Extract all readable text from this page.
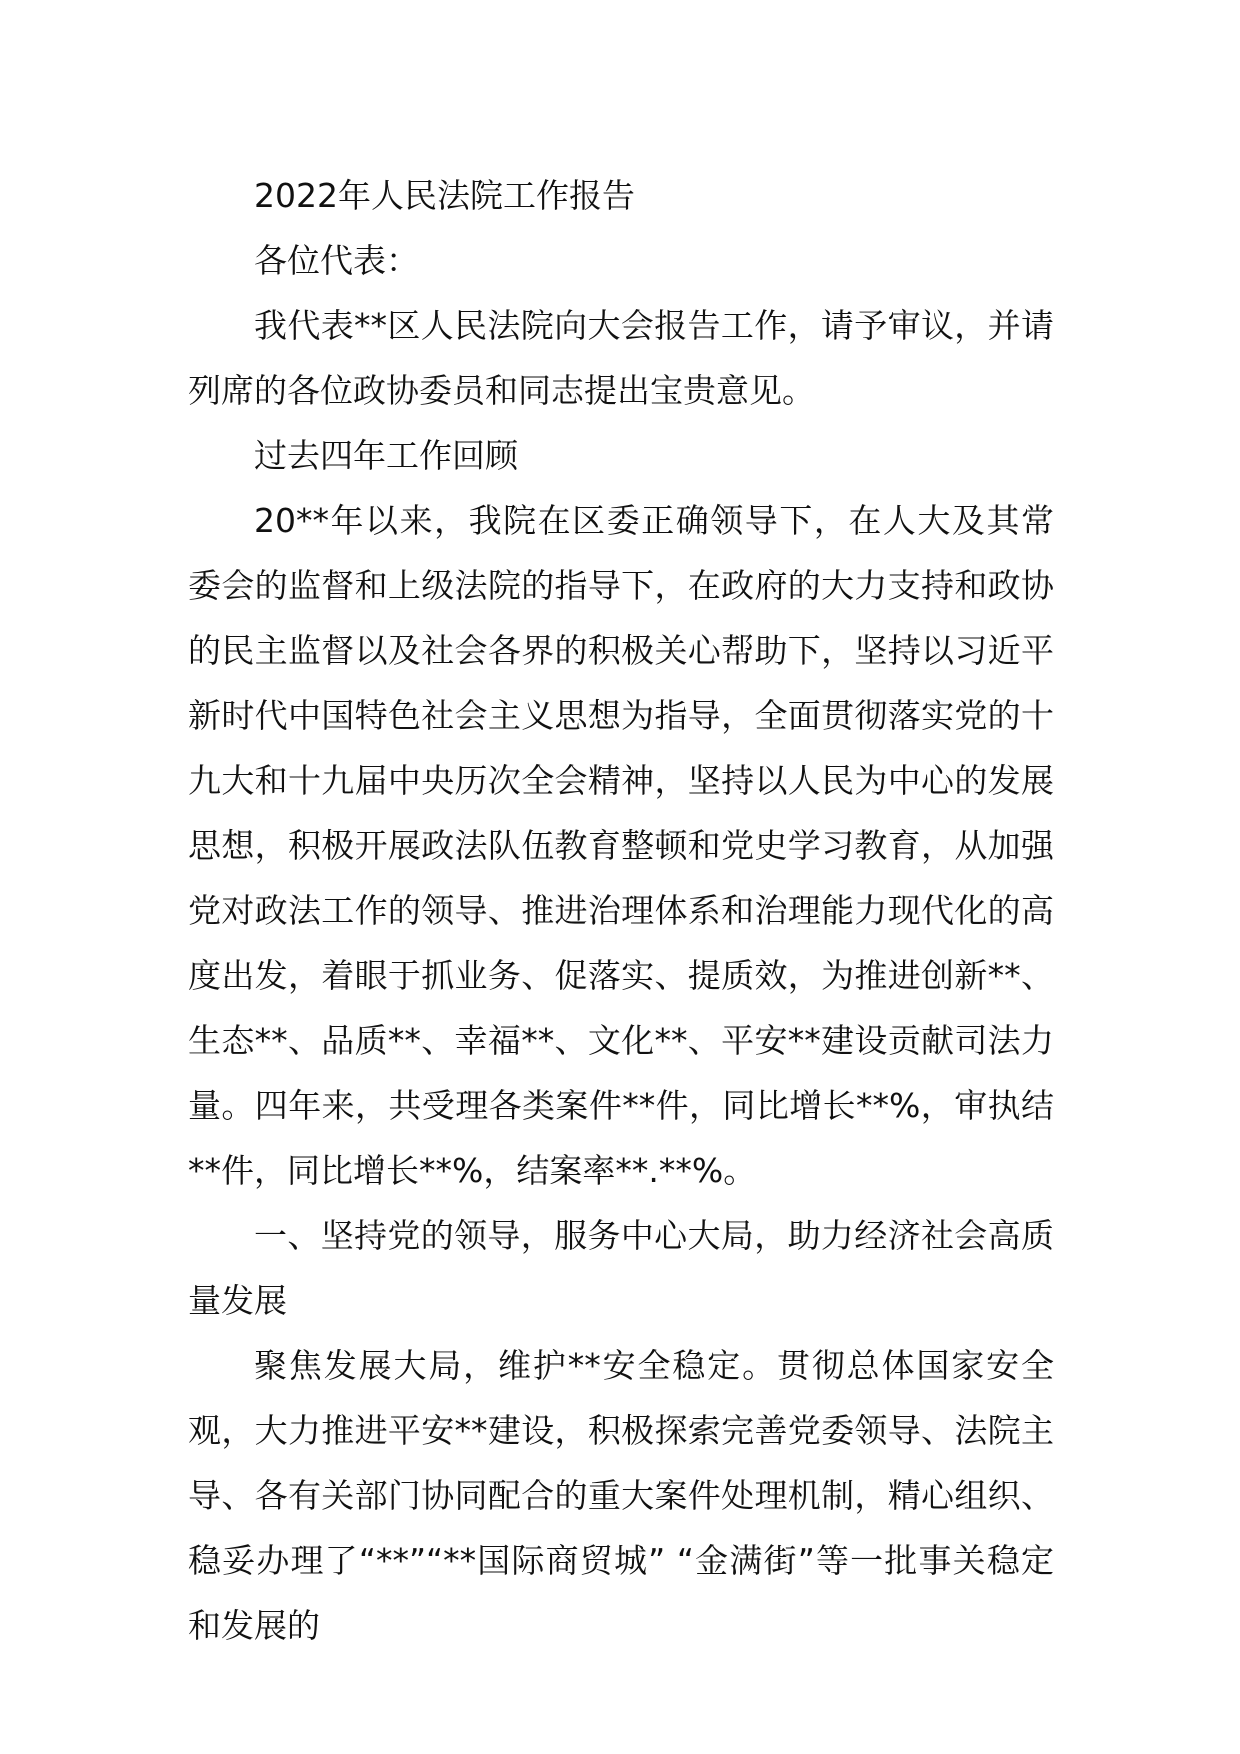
2022年人民法院工作报告

各位代表：

我代表**区人民法院向大会报告工作，请予审议，并请列席的各位政协委员和同志提出宝贵意见。

过去四年工作回顾

20**年以来，我院在区委正确领导下，在人大及其常委会的监督和上级法院的指导下，在政府的大力支持和政协的民主监督以及社会各界的积极关心帮助下，坚持以习近平新时代中国特色社会主义思想为指导，全面贯彻落实党的十九大和十九届中央历次全会精神，坚持以人民为中心的发展思想，积极开展政法队伍教育整顿和党史学习教育，从加强党对政法工作的领导、推进治理体系和治理能力现代化的高度出发，着眼于抓业务、促落实、提质效，为推进创新**、生态**、品质**、幸福**、文化**、平安**建设贡献司法力量。四年来，共受理各类案件**件，同比增长**%，审执结**件，同比增长**%，结案率**.**%。

一、坚持党的领导，服务中心大局，助力经济社会高质量发展

聚焦发展大局，维护**安全稳定。贯彻总体国家安全观，大力推进平安**建设，积极探索完善党委领导、法院主导、各有关部门协同配合的重大案件处理机制，精心组织、稳妥办理了“**”“**国际商贸城” “金满街”等一批事关稳定和发展的
